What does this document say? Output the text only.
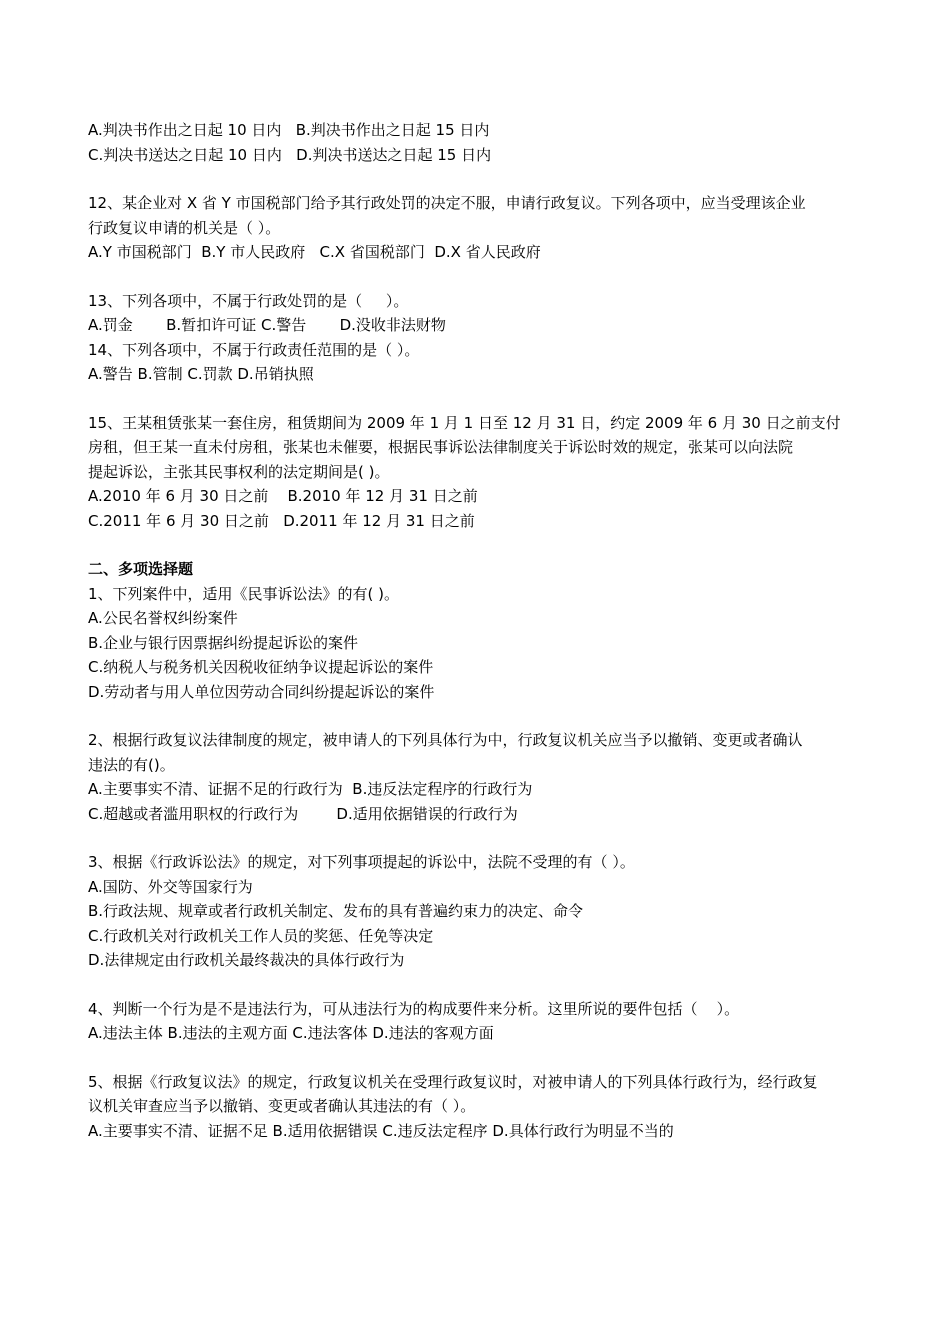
A.判决书作出之日起 10 日内   B.判决书作出之日起 15 日内
C.判决书送达之日起 10 日内   D.判决书送达之日起 15 日内
12、某企业对 X 省 Y 市国税部门给予其行政处罚的决定不服，申请行政复议。下列各项中，应当受理该企业
行政复议申请的机关是（ ）。
A.Y 市国税部门  B.Y 市人民政府   C.X 省国税部门  D.X 省人民政府
13、下列各项中，不属于行政处罚的是（     ）。
A.罚金       B.暂扣许可证 C.警告       D.没收非法财物
14、下列各项中，不属于行政责任范围的是（ ）。
A.警告 B.管制 C.罚款 D.吊销执照
15、王某租赁张某一套住房，租赁期间为 2009 年 1 月 1 日至 12 月 31 日，约定 2009 年 6 月 30 日之前支付
房租，但王某一直未付房租，张某也未催要，根据民事诉讼法律制度关于诉讼时效的规定，张某可以向法院
提起诉讼，主张其民事权利的法定期间是( )。
A.2010 年 6 月 30 日之前    B.2010 年 12 月 31 日之前
C.2011 年 6 月 30 日之前   D.2011 年 12 月 31 日之前
二、多项选择题
1、下列案件中，适用《民事诉讼法》的有( )。
A.公民名誉权纠纷案件
B.企业与银行因票据纠纷提起诉讼的案件
C.纳税人与税务机关因税收征纳争议提起诉讼的案件
D.劳动者与用人单位因劳动合同纠纷提起诉讼的案件
2、根据行政复议法律制度的规定，被申请人的下列具体行为中，行政复议机关应当予以撤销、变更或者确认
违法的有()。
A.主要事实不清、证据不足的行政行为  B.违反法定程序的行政行为
C.超越或者滥用职权的行政行为        D.适用依据错误的行政行为
3、根据《行政诉讼法》的规定，对下列事项提起的诉讼中，法院不受理的有（ ）。
A.国防、外交等国家行为
B.行政法规、规章或者行政机关制定、发布的具有普遍约束力的决定、命令
C.行政机关对行政机关工作人员的奖惩、任免等决定
D.法律规定由行政机关最终裁决的具体行政行为
4、判断一个行为是不是违法行为，可从违法行为的构成要件来分析。这里所说的要件包括（    ）。
A.违法主体 B.违法的主观方面 C.违法客体 D.违法的客观方面
5、根据《行政复议法》的规定，行政复议机关在受理行政复议时，对被申请人的下列具体行政行为，经行政复
议机关审查应当予以撤销、变更或者确认其违法的有（ ）。
A.主要事实不清、证据不足 B.适用依据错误 C.违反法定程序 D.具体行政行为明显不当的
